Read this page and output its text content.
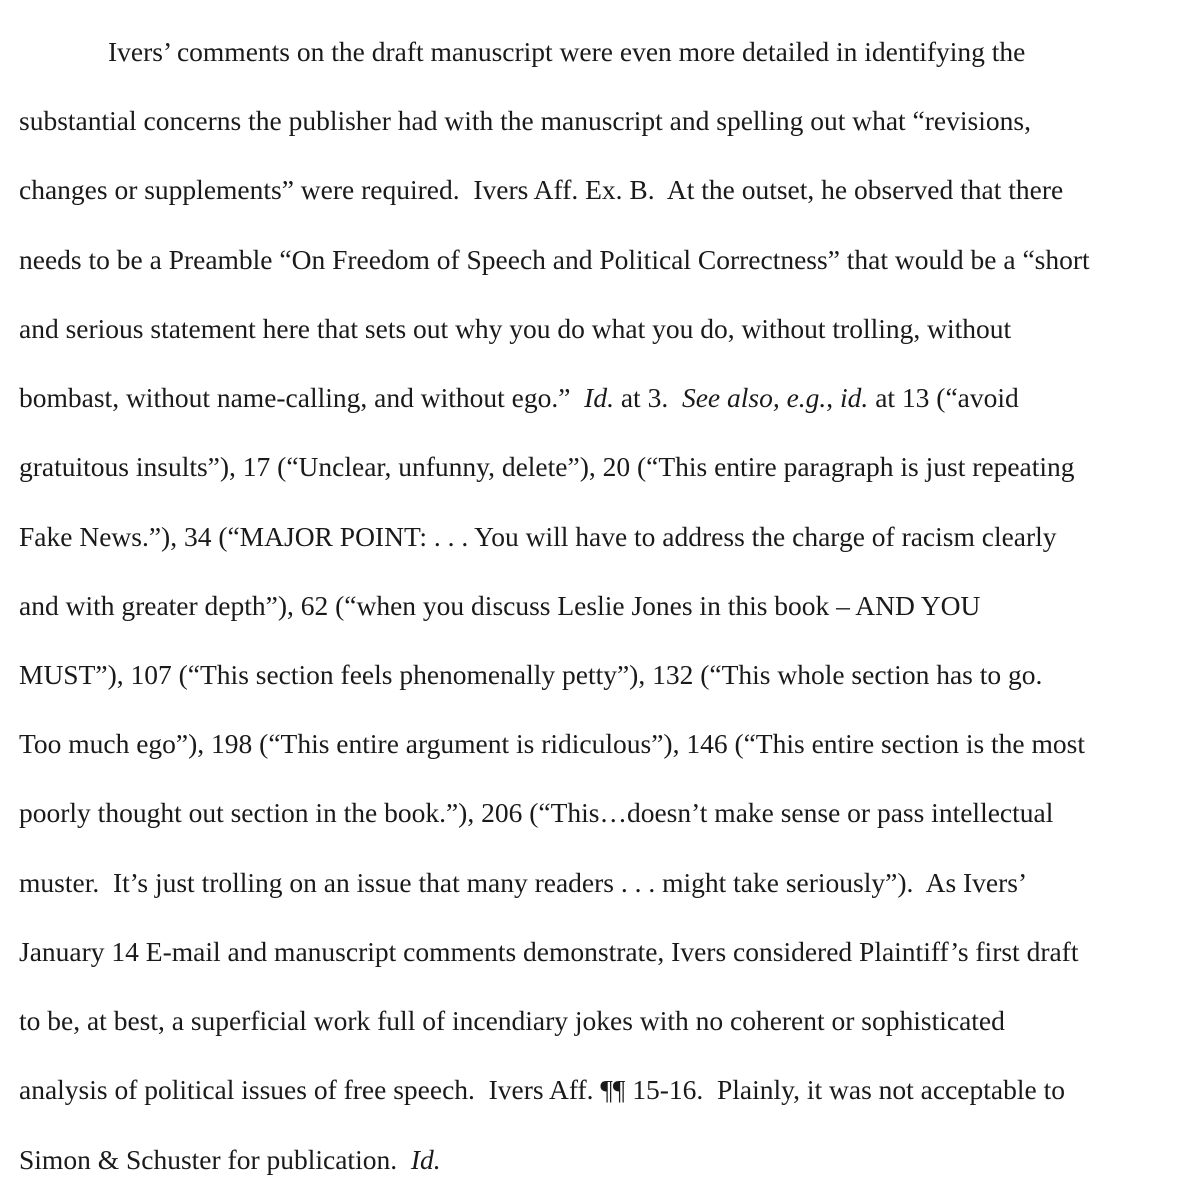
Ivers’ comments on the draft manuscript were even more detailed in identifying the
substantial concerns the publisher had with the manuscript and spelling out what “revisions,
changes or supplements” were required.  Ivers Aff. Ex. B.  At the outset, he observed that there
needs to be a Preamble “On Freedom of Speech and Political Correctness” that would be a “short
and serious statement here that sets out why you do what you do, without trolling, without
bombast, without name-calling, and without ego.”  Id. at 3.  See also, e.g., id. at 13 (“avoid
gratuitous insults”), 17 (“Unclear, unfunny, delete”), 20 (“This entire paragraph is just repeating
Fake News.”), 34 (“MAJOR POINT: . . . You will have to address the charge of racism clearly
and with greater depth”), 62 (“when you discuss Leslie Jones in this book – AND YOU
MUST”), 107 (“This section feels phenomenally petty”), 132 (“This whole section has to go.
Too much ego”), 198 (“This entire argument is ridiculous”), 146 (“This entire section is the most
poorly thought out section in the book.”), 206 (“This…doesn’t make sense or pass intellectual
muster.  It’s just trolling on an issue that many readers . . . might take seriously”).  As Ivers’
January 14 E-mail and manuscript comments demonstrate, Ivers considered Plaintiff’s first draft
to be, at best, a superficial work full of incendiary jokes with no coherent or sophisticated
analysis of political issues of free speech.  Ivers Aff. ¶¶ 15-16.  Plainly, it was not acceptable to
Simon & Schuster for publication.  Id.
